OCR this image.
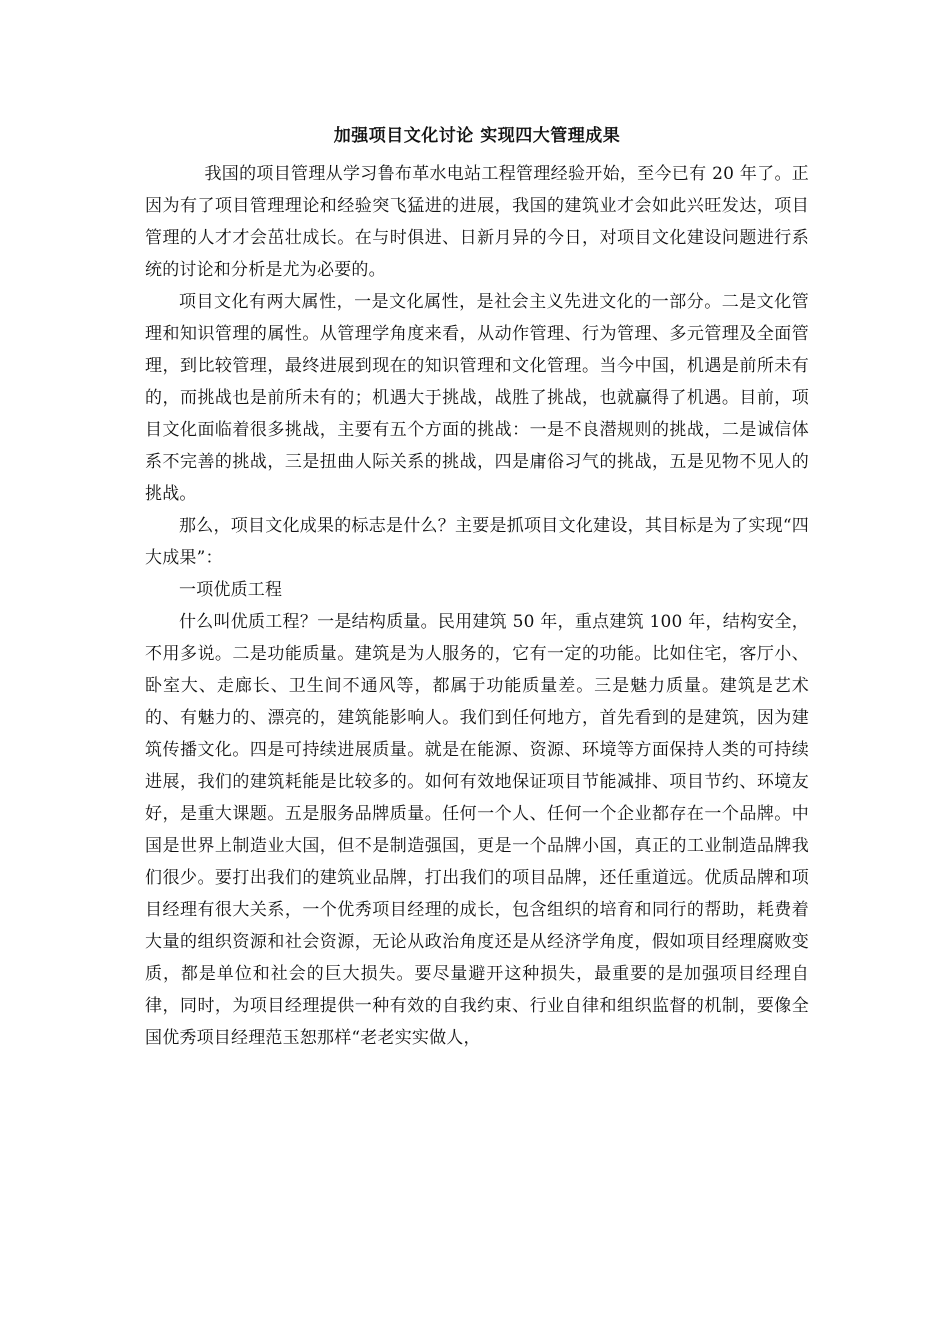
加强项目文化讨论 实现四大管理成果

我国的项目管理从学习鲁布革水电站工程管理经验开始，至今已有 20 年了。正因为有了项目管理理论和经验突飞猛进的进展，我国的建筑业才会如此兴旺发达，项目管理的人才才会茁壮成长。在与时俱进、日新月异的今日，对项目文化建设问题进行系统的讨论和分析是尤为必要的。

项目文化有两大属性，一是文化属性，是社会主义先进文化的一部分。二是文化管理和知识管理的属性。从管理学角度来看，从动作管理、行为管理、多元管理及全面管理，到比较管理，最终进展到现在的知识管理和文化管理。当今中国，机遇是前所未有的，而挑战也是前所未有的；机遇大于挑战，战胜了挑战，也就赢得了机遇。目前，项目文化面临着很多挑战，主要有五个方面的挑战：一是不良潜规则的挑战，二是诚信体系不完善的挑战，三是扭曲人际关系的挑战，四是庸俗习气的挑战，五是见物不见人的挑战。

那么，项目文化成果的标志是什么？主要是抓项目文化建设，其目标是为了实现“四大成果”：

一项优质工程

什么叫优质工程？一是结构质量。民用建筑 50 年，重点建筑 100 年，结构安全，不用多说。二是功能质量。建筑是为人服务的，它有一定的功能。比如住宅，客厅小、卧室大、走廊长、卫生间不通风等，都属于功能质量差。三是魅力质量。建筑是艺术的、有魅力的、漂亮的，建筑能影响人。我们到任何地方，首先看到的是建筑，因为建筑传播文化。四是可持续进展质量。就是在能源、资源、环境等方面保持人类的可持续进展，我们的建筑耗能是比较多的。如何有效地保证项目节能减排、项目节约、环境友好，是重大课题。五是服务品牌质量。任何一个人、任何一个企业都存在一个品牌。中国是世界上制造业大国，但不是制造强国，更是一个品牌小国，真正的工业制造品牌我们很少。要打出我们的建筑业品牌，打出我们的项目品牌，还任重道远。优质品牌和项目经理有很大关系，一个优秀项目经理的成长，包含组织的培育和同行的帮助，耗费着大量的组织资源和社会资源，无论从政治角度还是从经济学角度，假如项目经理腐败变质，都是单位和社会的巨大损失。要尽量避开这种损失，最重要的是加强项目经理自律，同时，为项目经理提供一种有效的自我约束、行业自律和组织监督的机制，要像全国优秀项目经理范玉恕那样“老老实实做人，
